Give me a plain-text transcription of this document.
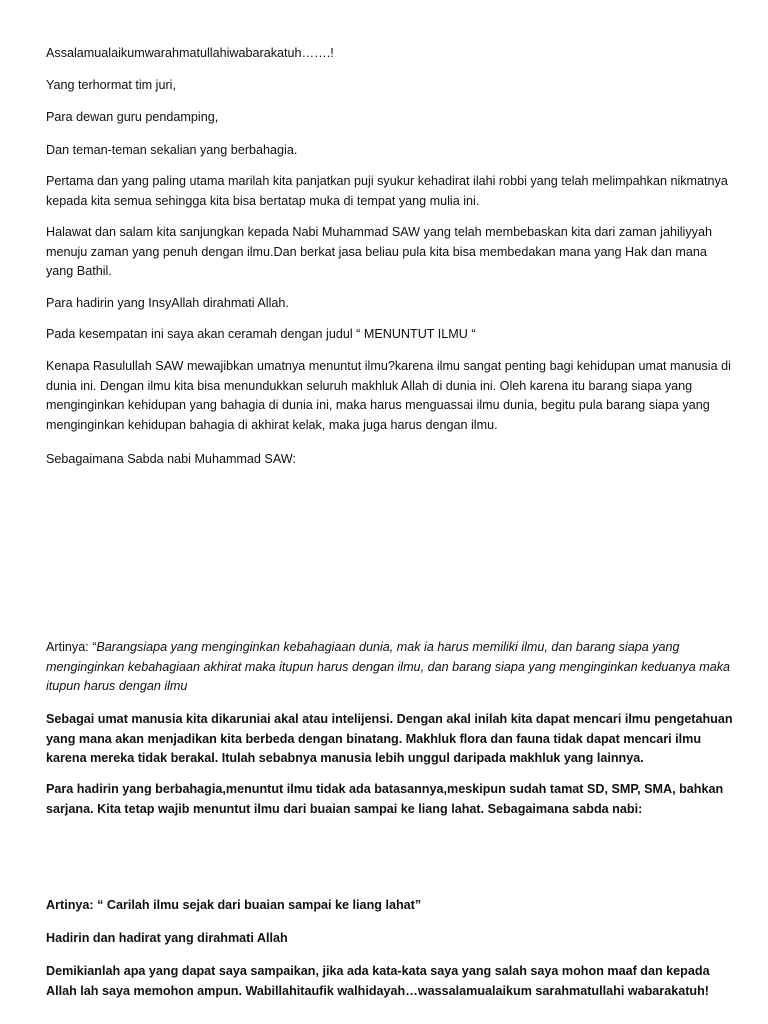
Assalamualaikumwarahmatullahiwabarakatuh…….!

Yang terhormat tim juri,

Para dewan guru pendamping,

Dan teman-teman sekalian yang berbahagia.

Pertama dan yang paling utama marilah kita panjatkan puji syukur kehadirat ilahi robbi yang telah melimpahkan nikmatnya kepada kita semua sehingga kita bisa bertatap muka di tempat yang mulia ini.

Halawat dan salam kita sanjungkan kepada Nabi Muhammad SAW yang telah membebaskan kita dari zaman jahiliyyah menuju zaman yang penuh dengan ilmu.Dan berkat jasa beliau pula kita bisa membedakan mana yang Hak dan mana yang Bathil.

Para hadirin yang InsyAllah dirahmati Allah.

Pada kesempatan ini saya akan ceramah dengan judul “ MENUNTUT ILMU “

Kenapa Rasulullah SAW mewajibkan umatnya menuntut ilmu?karena ilmu sangat penting bagi kehidupan umat manusia di dunia ini. Dengan ilmu kita bisa menundukkan seluruh makhluk Allah di dunia ini. Oleh karena itu barang siapa yang menginginkan kehidupan yang bahagia di dunia ini, maka harus menguassai ilmu dunia, begitu pula barang siapa yang menginginkan kehidupan bahagia di akhirat kelak, maka juga harus dengan ilmu.

Sebagaimana Sabda nabi Muhammad SAW:

Artinya: “Barangsiapa yang menginginkan kebahagiaan dunia, mak ia harus memiliki ilmu, dan barang siapa yang menginginkan kebahagiaan akhirat maka itupun harus dengan ilmu, dan barang siapa yang menginginkan keduanya maka itupun harus dengan ilmu

Sebagai umat manusia kita dikaruniai akal atau intelijensi. Dengan akal inilah kita dapat mencari ilmu pengetahuan yang mana akan menjadikan kita berbeda dengan binatang. Makhluk flora dan fauna tidak dapat mencari ilmu karena mereka tidak berakal. Itulah sebabnya manusia lebih unggul daripada makhluk yang lainnya.

Para hadirin yang berbahagia,menuntut ilmu tidak ada batasannya,meskipun sudah tamat SD, SMP, SMA, bahkan sarjana. Kita tetap wajib menuntut ilmu dari buaian sampai ke liang lahat. Sebagaimana sabda nabi:

Artinya: “ Carilah ilmu sejak dari buaian sampai ke liang lahat”

Hadirin dan hadirat yang dirahmati Allah

Demikianlah apa yang dapat saya sampaikan, jika ada kata-kata saya yang salah saya mohon maaf dan kepada Allah lah saya memohon ampun. Wabillahitaufik walhidayah…wassalamualaikum sarahmatullahi wabarakatuh!
